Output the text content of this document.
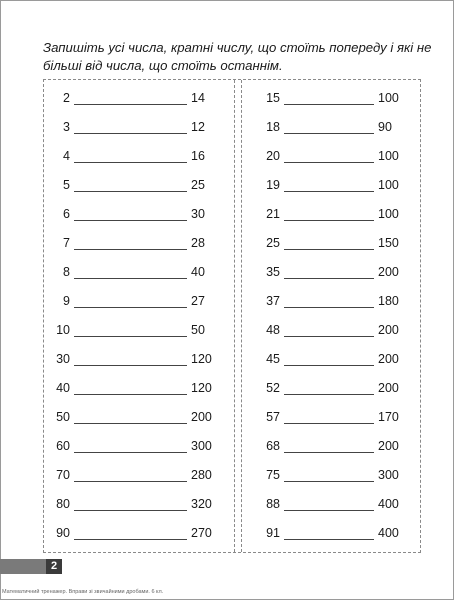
Запишіть усі числа, кратні числу, що стоїть попереду і які не більші від числа, що стоїть останнім.
2	14
3	12
4	16
5	25
6	30
7	28
8	40
9	27
10	50
30	120
40	120
50	200
60	300
70	280
80	320
90	270
15	100
18	90
20	100
19	100
21	100
25	150
35	200
37	180
48	200
45	200
52	200
57	170
68	200
75	300
88	400
91	400
2
Математичний тренажер. Вправи зі звичайними дробами. 6 кл.
